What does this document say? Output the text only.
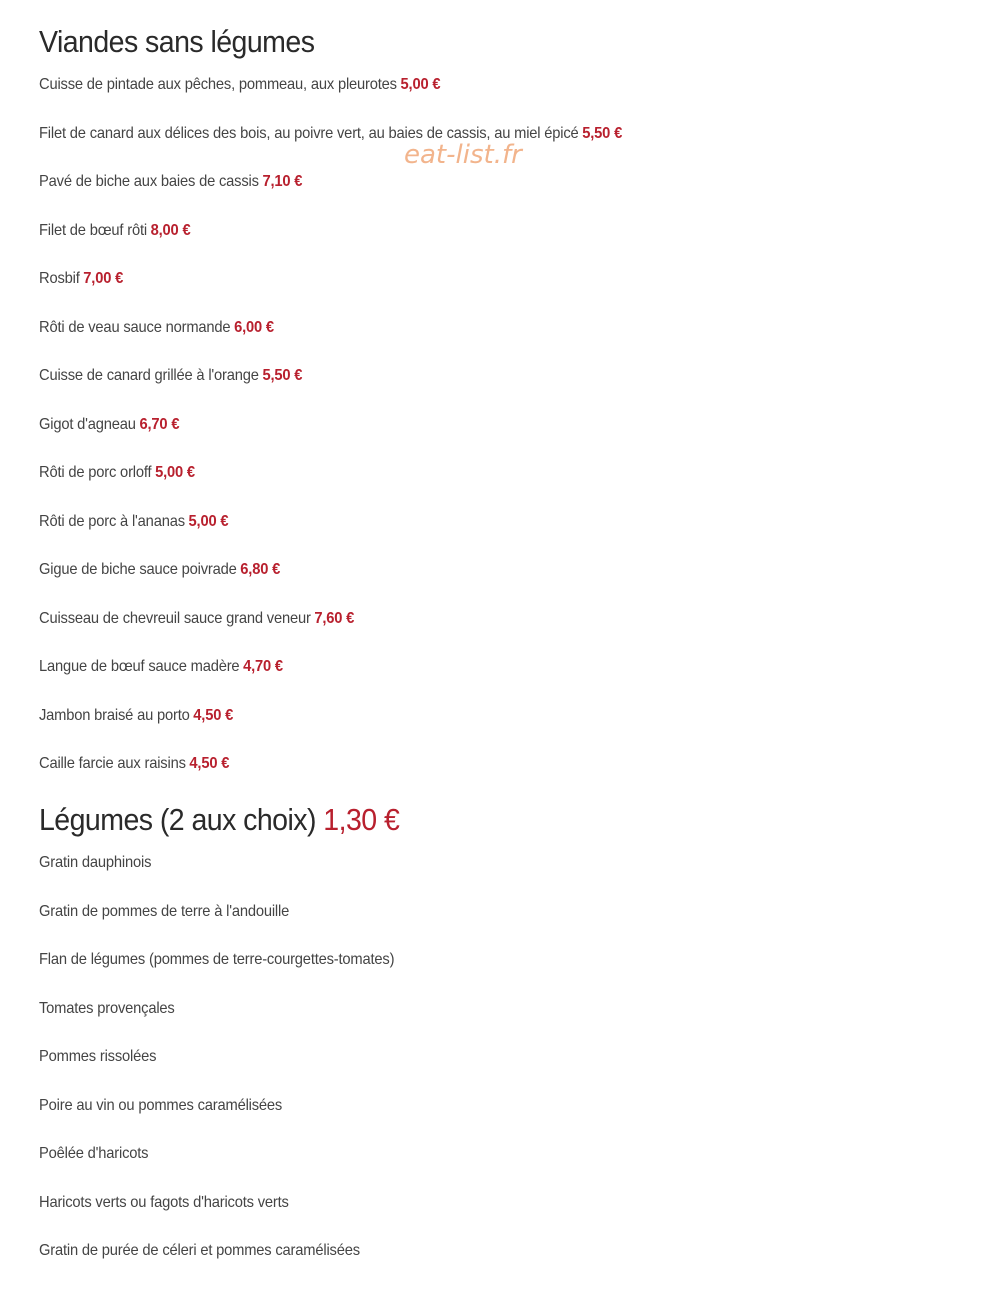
Viandes sans légumes
Cuisse de pintade aux pêches, pommeau, aux pleurotes 5,00 €
Filet de canard aux délices des bois, au poivre vert, au baies de cassis, au miel épicé 5,50 €
Pavé de biche aux baies de cassis 7,10 €
Filet de bœuf rôti 8,00 €
Rosbif 7,00 €
Rôti de veau sauce normande 6,00 €
Cuisse de canard grillée à l'orange 5,50 €
Gigot d'agneau 6,70 €
Rôti de porc orloff 5,00 €
Rôti de porc à l'ananas 5,00 €
Gigue de biche sauce poivrade 6,80 €
Cuisseau de chevreuil sauce grand veneur 7,60 €
Langue de bœuf sauce madère 4,70 €
Jambon braisé au porto 4,50 €
Caille farcie aux raisins 4,50 €
Légumes (2 aux choix) 1,30 €
Gratin dauphinois
Gratin de pommes de terre à l'andouille
Flan de légumes (pommes de terre-courgettes-tomates)
Tomates provençales
Pommes rissolées
Poire au vin ou pommes caramélisées
Poêlée d'haricots
Haricots verts ou fagots d'haricots verts
Gratin de purée de céleri et pommes caramélisées
eat-list.fr
